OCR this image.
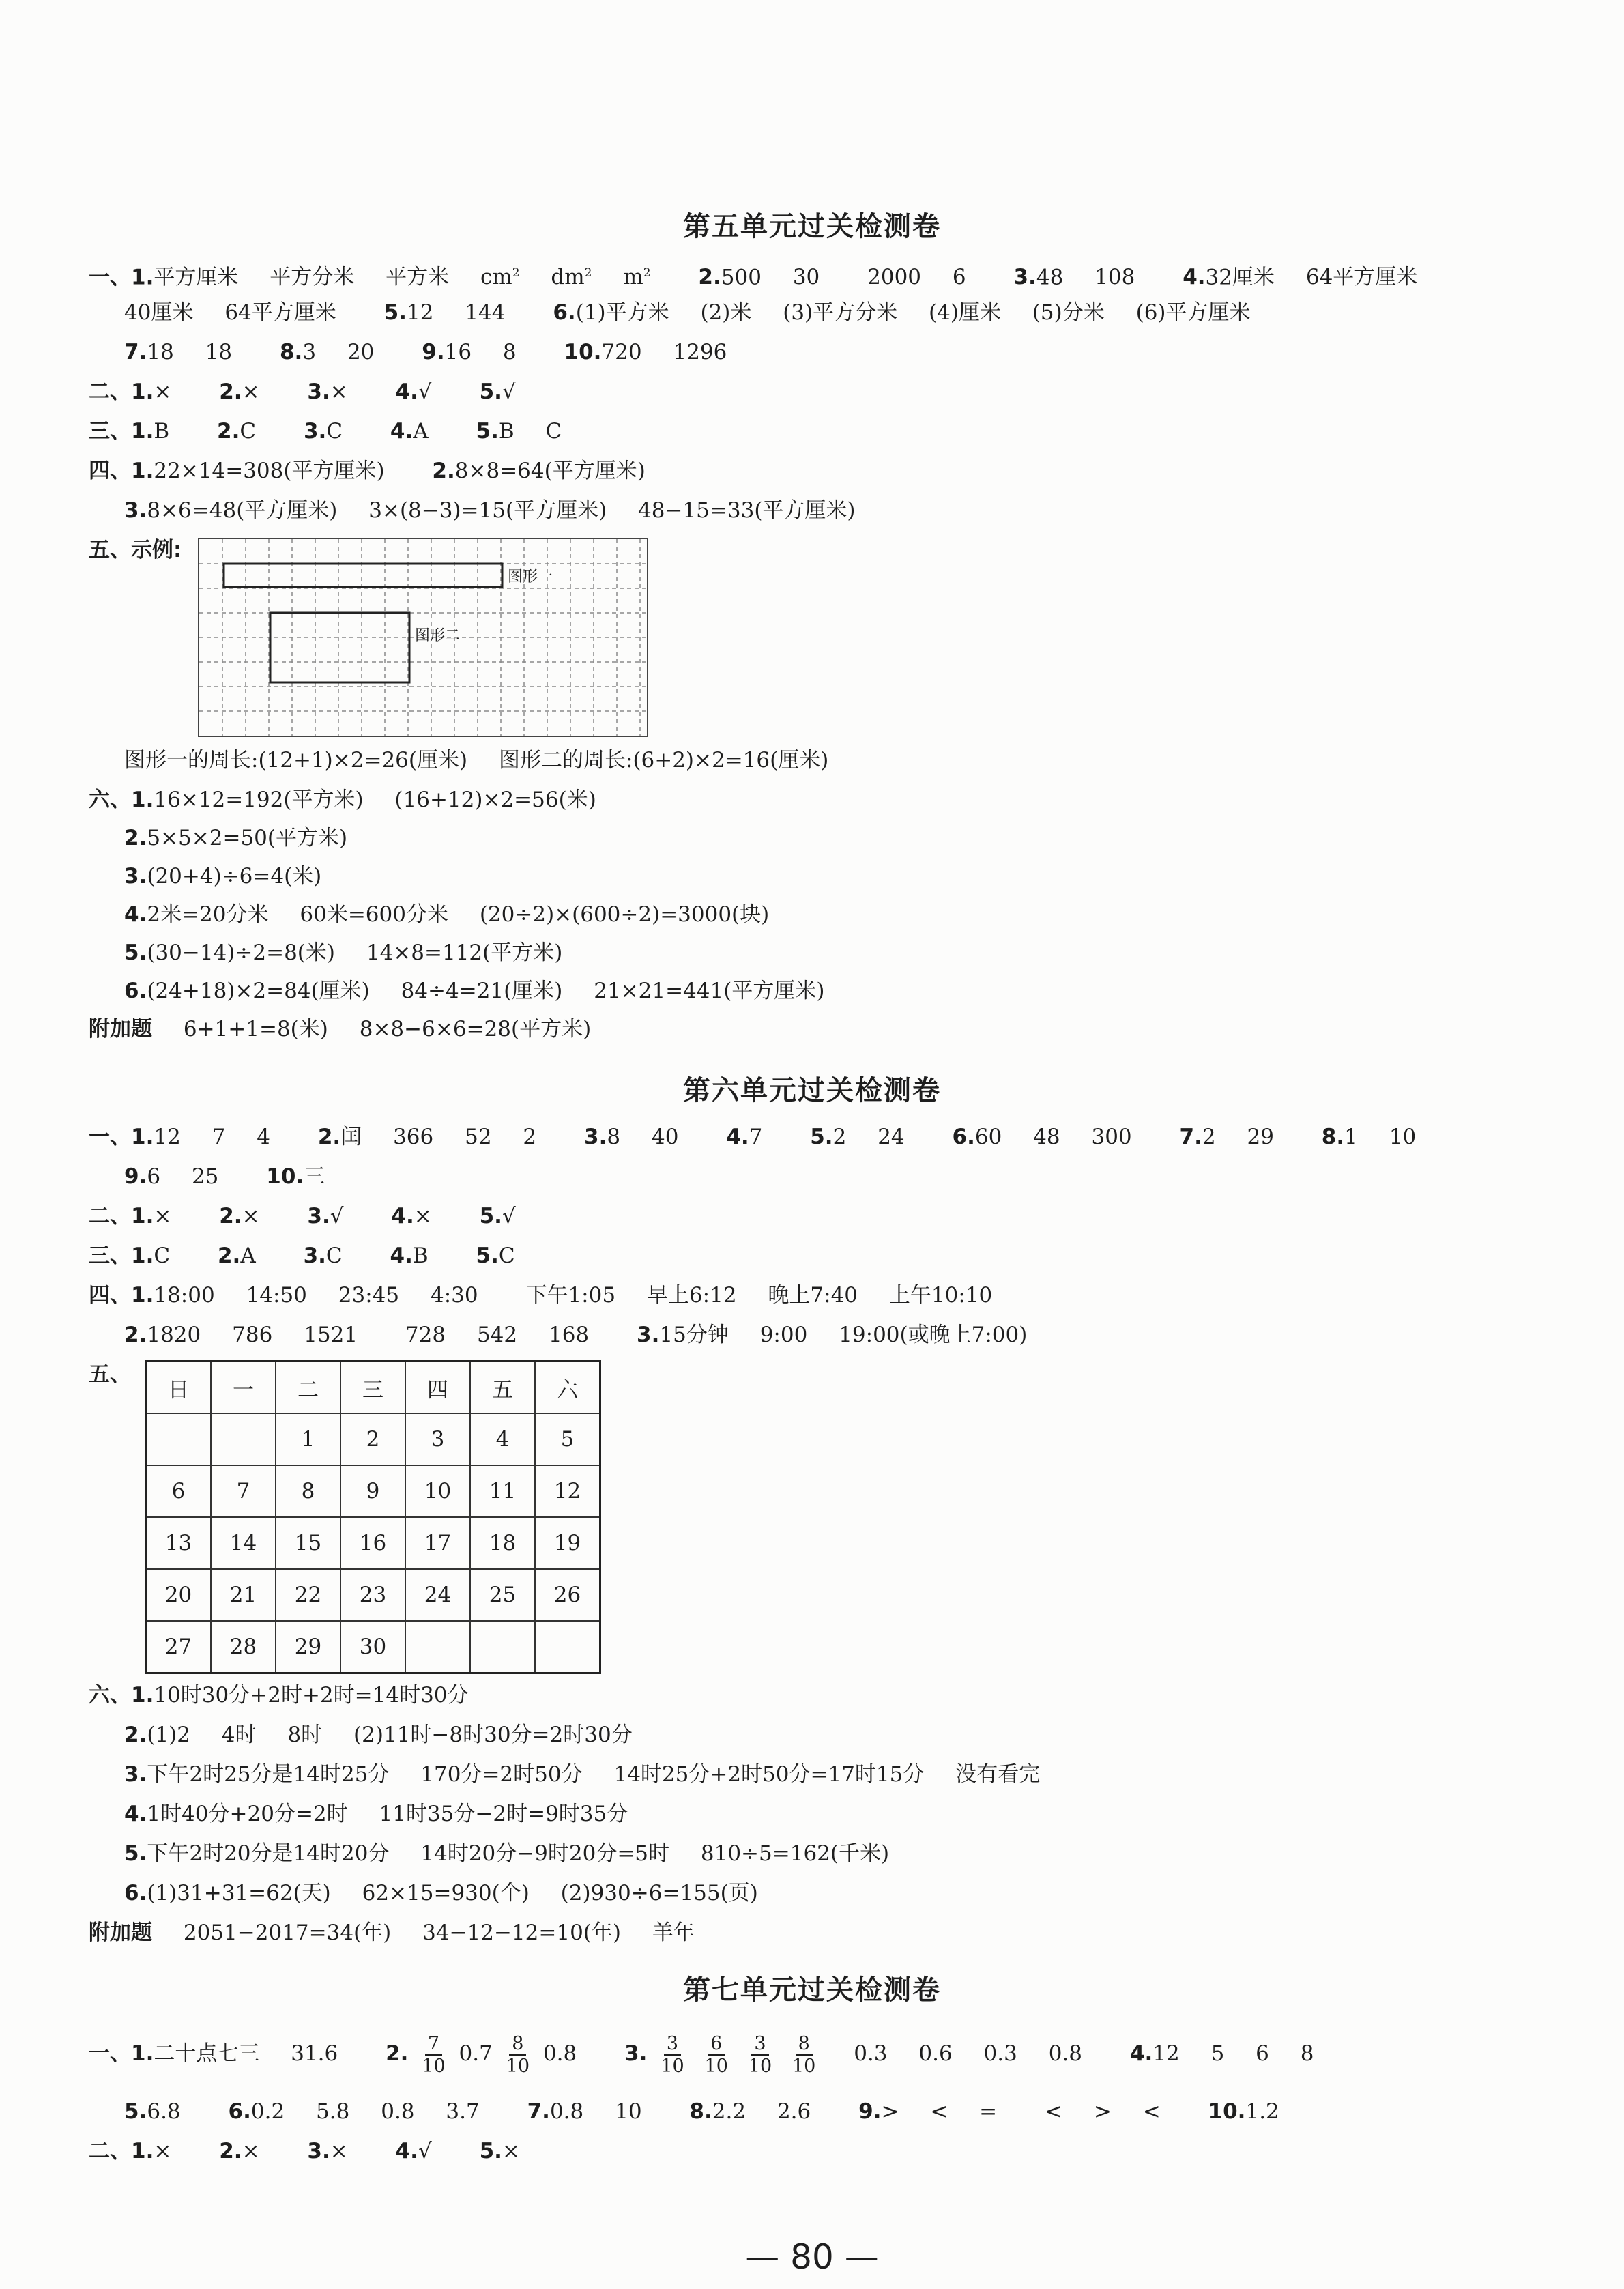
第五单元过关检测卷
一、1.平方厘米 平方分米 平方米 $cm^2$ $dm^2$ $m^2$ 2.500 30 2000 6 3.48 108 4.32厘米 64平方厘米
40厘米 64平方厘米 5.12 144 6.(1)平方米 (2)米 (3)平方分米 (4)厘米 (5)分米 (6)平方厘米
7.18 18 8.3 20 9.16 8 10.720 1296
二、1.× 2.× 3.× 4.√ 5.√
三、1.B 2.C 3.C 4.A 5.B C
四、1.22×14=308(平方厘米) 2.8×8=64(平方厘米)
3.8×6=48(平方厘米) 3×(8−3)=15(平方厘米) 48−15=33(平方厘米)
五、示例:
图形一
图形二
图形一的周长:(12+1)×2=26(厘米) 图形二的周长:(6+2)×2=16(厘米)
六、1.16×12=192(平方米) (16+12)×2=56(米)
2.5×5×2=50(平方米)
3.(20+4)÷6=4(米)
4.2米=20分米 60米=600分米 (20÷2)×(600÷2)=3000(块)
5.(30−14)÷2=8(米) 14×8=112(平方米)
6.(24+18)×2=84(厘米) 84÷4=21(厘米) 21×21=441(平方厘米)
附加题 6+1+1=8(米) 8×8−6×6=28(平方米)
第六单元过关检测卷
一、1.12 7 4 2.闰 366 52 2 3.8 40 4.7 5.2 24 6.60 48 300 7.2 29 8.1 10
9.6 25 10.三
二、1.× 2.× 3.√ 4.× 5.√
三、1.C 2.A 3.C 4.B 5.C
四、1.18:00 14:50 23:45 4:30 下午1:05 早上6:12 晚上7:40 上午10:10
2.1820 786 1521 728 542 168 3.15分钟 9:00 19:00(或晚上7:00)
五、
日	一	二	三	四	五	六
		1	2	3	4	5
6	7	8	9	10	11	12
13	14	15	16	17	18	19
20	21	22	23	24	25	26
27	28	29	30			
六、1.10时30分+2时+2时=14时30分
2.(1)2 4时 8时 (2)11时−8时30分=2时30分
3.下午2时25分是14时25分 170分=2时50分 14时25分+2时50分=17时15分 没有看完
4.1时40分+20分=2时 11时35分−2时=9时35分
5.下午2时20分是14时20分 14时20分−9时20分=5时 810÷5=162(千米)
6.(1)31+31=62(天) 62×15=930(个) (2)930÷6=155(页)
附加题 2051−2017=34(年) 34−12−12=10(年) 羊年
第七单元过关检测卷
一、1.二十点七三 31.6 2. $\frac{7}{10} 0.7 \frac{8}{10} 0.8$ 3. $\frac{3}{10}$
$\frac{6}{10}$
$\frac{3}{10}$
$\frac{8}{10} 0.3$ 0.6 0.3 0.8 4.12 5 6 8
5.6.8 6.0.2 5.8 0.8 3.7 7.0.8 10 8.2.2 2.6 9.> < = < > < 10.1.2
二、1.× 2.× 3.× 4.√ 5.×
— 80 —
